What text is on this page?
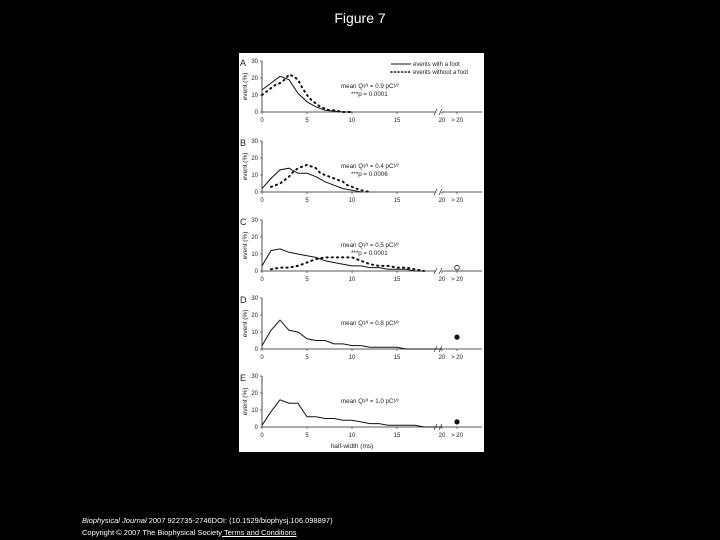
Figure 7
0
10
20
30
0	5	10	15	20 > 20
event (%)
A
mean Q¹⁄³ = 0.9 pC¹⁄³
***p = 0.0001
events with a foot
events without a foot
0
10
20
30
0	5	10	15	20 > 20
event (%)
B
mean Q¹⁄³ = 0.4 pC¹⁄³
***p = 0.0006
0
10
20
30
0	5	10	15	20 > 20
event (%)
C
mean Q¹⁄³ = 0.5 pC¹⁄³
***p = 0.0001
0
10
20
30
0	5	10	15	20 > 20
event (%)
D
mean Q¹⁄³ = 0.8 pC¹⁄³
0
10
20
30
0	5	10	15	20 > 20
event (%)
E
mean Q¹⁄³ = 1.0 pC¹⁄³
half-width (ms)
Biophysical Journal 2007 922735-2746DOI: (10.1529/biophysj.106.098897)
Copyright © 2007 The Biophysical Society Terms and Conditions
